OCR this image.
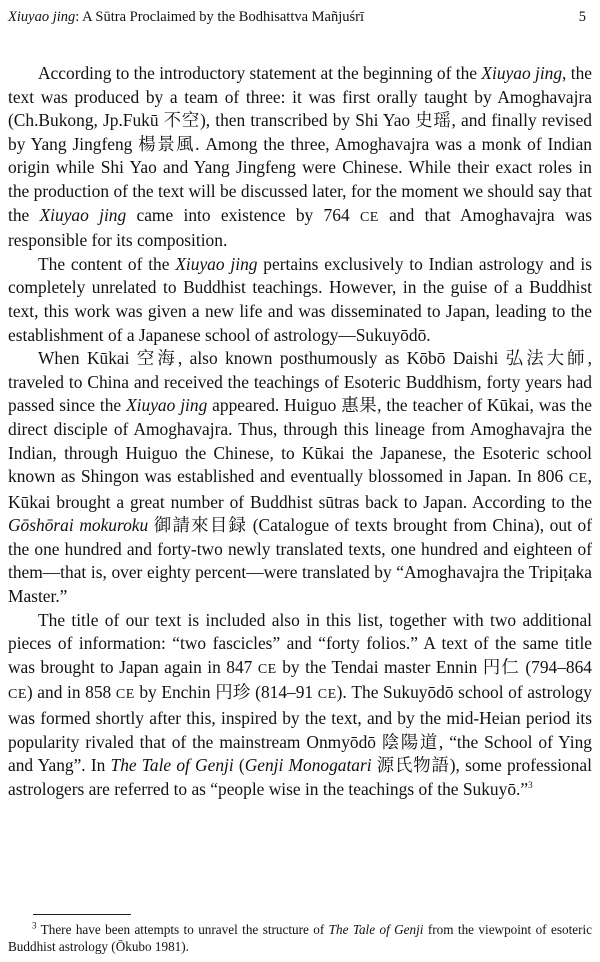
Xiuyao jing: A Sūtra Proclaimed by the Bodhisattva Mañjuśrī	5

According to the introductory statement at the beginning of the Xiuyao jing, the text was produced by a team of three: it was first orally taught by Amoghavajra (Ch.Bukong, Jp.Fukū 不空), then transcribed by Shi Yao 史瑶, and finally revised by Yang Jingfeng 楊景風. Among the three, Amoghavajra was a monk of Indian origin while Shi Yao and Yang Jingfeng were Chinese. While their exact roles in the production of the text will be discussed later, for the moment we should say that the Xiuyao jing came into existence by 764 CE and that Amoghavajra was responsible for its composition.

The content of the Xiuyao jing pertains exclusively to Indian astrology and is completely unrelated to Buddhist teachings. However, in the guise of a Buddhist text, this work was given a new life and was disseminated to Japan, leading to the establishment of a Japanese school of astrology—Sukuyōdō.

When Kūkai 空海, also known posthumously as Kōbō Daishi 弘法大師, traveled to China and received the teachings of Esoteric Buddhism, forty years had passed since the Xiuyao jing appeared. Huiguo 惠果, the teacher of Kūkai, was the direct disciple of Amoghavajra. Thus, through this lineage from Amoghavajra the Indian, through Huiguo the Chinese, to Kūkai the Japanese, the Esoteric school known as Shingon was established and eventually blossomed in Japan. In 806 CE, Kūkai brought a great number of Buddhist sūtras back to Japan. According to the Gōshōrai mokuroku 御請來目録 (Catalogue of texts brought from China), out of the one hundred and forty-two newly translated texts, one hundred and eighteen of them—that is, over eighty percent—were translated by “Amoghavajra the Tripiṭaka Master.”

The title of our text is included also in this list, together with two additional pieces of information: “two fascicles” and “forty folios.” A text of the same title was brought to Japan again in 847 CE by the Tendai master Ennin 円仁 (794–864 CE) and in 858 CE by Enchin 円珍 (814–91 CE). The Sukuyōdō school of astrology was formed shortly after this, inspired by the text, and by the mid-Heian period its popularity rivaled that of the mainstream Onmyōdō 陰陽道, “the School of Ying and Yang”. In The Tale of Genji (Genji Monogatari 源氏物語), some professional astrologers are referred to as “people wise in the teachings of the Sukuyō.”$^3$

$^3$ There have been attempts to unravel the structure of The Tale of Genji from the viewpoint of esoteric Buddhist astrology (Ōkubo 1981).
